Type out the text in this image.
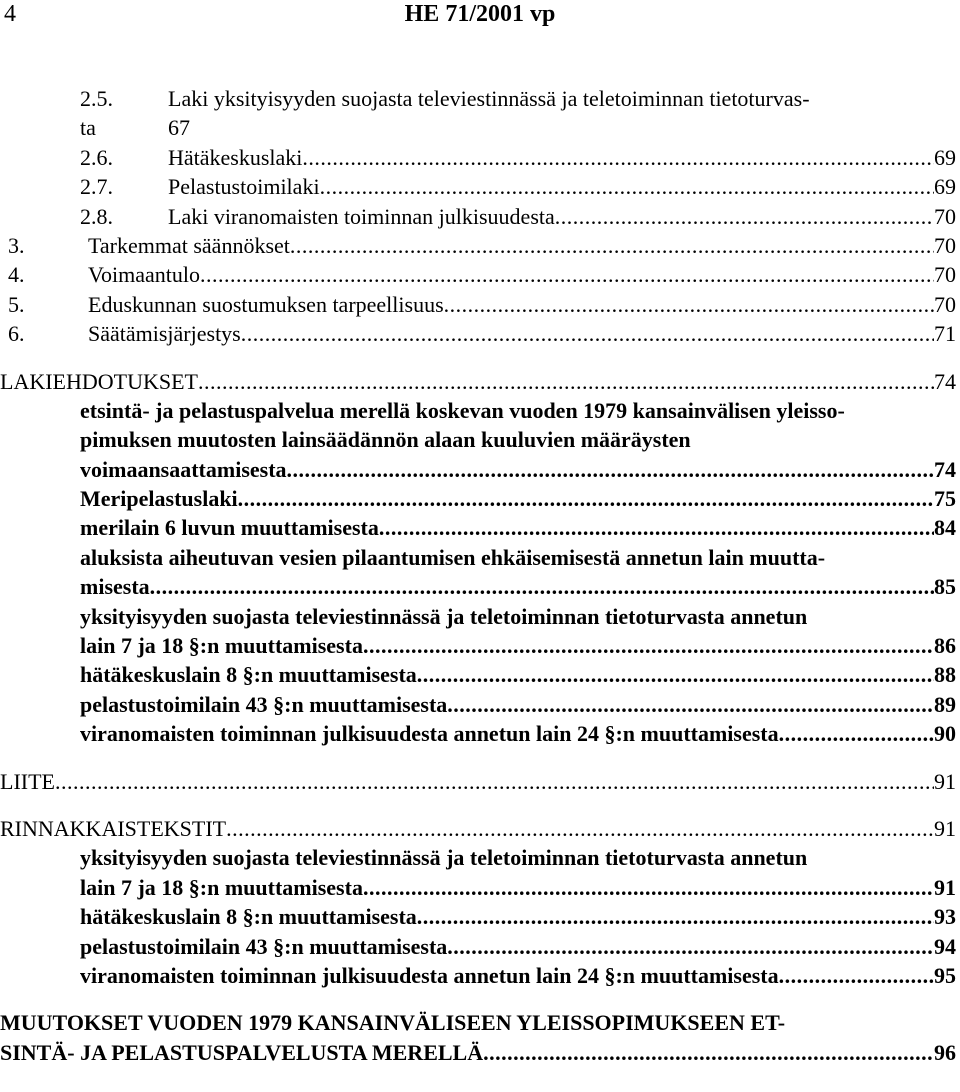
4	HE 71/2001 vp
2.5.	Laki yksityisyyden suojasta televiestinnässä ja teletoiminnan tietoturvas-
ta	67
2.6.	Hätäkeskuslaki .....	69
2.7.	Pelastustoimilaki .....	69
2.8.	Laki viranomaisten toiminnan julkisuudesta .....	70
3.	Tarkemmat säännökset .....	70
4.	Voimaantulo .....	70
5.	Eduskunnan suostumuksen tarpeellisuus .....	70
6.	Säätämisjärjestys .....	71
LAKIEHDOTUKSET .....	74
etsintä- ja pelastuspalvelua merellä koskevan vuoden 1979 kansainvälisen yleisso-
pimuksen muutosten lainsäädännön alaan kuuluvien määräysten
voimaansaattamisesta .....	74
Meripelastuslaki .....	75
merilain 6 luvun muuttamisesta .....	84
aluksista aiheutuvan vesien pilaantumisen ehkäisemisestä annetun lain muutta-
misesta .....	85
yksityisyyden suojasta televiestinnässä ja teletoiminnan tietoturvasta annetun
lain 7 ja 18 §:n muuttamisesta .....	86
hätäkeskuslain 8 §:n muuttamisesta .....	88
pelastustoimilain 43 §:n muuttamisesta .....	89
viranomaisten toiminnan julkisuudesta annetun lain 24 §:n muuttamisesta .....	90
LIITE .....	91
RINNAKKAISTEKSTIT .....	91
yksityisyyden suojasta televiestinnässä ja teletoiminnan tietoturvasta annetun
lain 7 ja 18 §:n muuttamisesta .....	91
hätäkeskuslain 8 §:n muuttamisesta .....	93
pelastustoimilain 43 §:n muuttamisesta .....	94
viranomaisten toiminnan julkisuudesta annetun lain 24 §:n muuttamisesta .....	95
MUUTOKSET VUODEN 1979 KANSAINVÄLISEEN YLEISSOPIMUKSEEN ET-
SINTÄ- JA PELASTUSPALVELUSTA MERELLÄ .....	96
